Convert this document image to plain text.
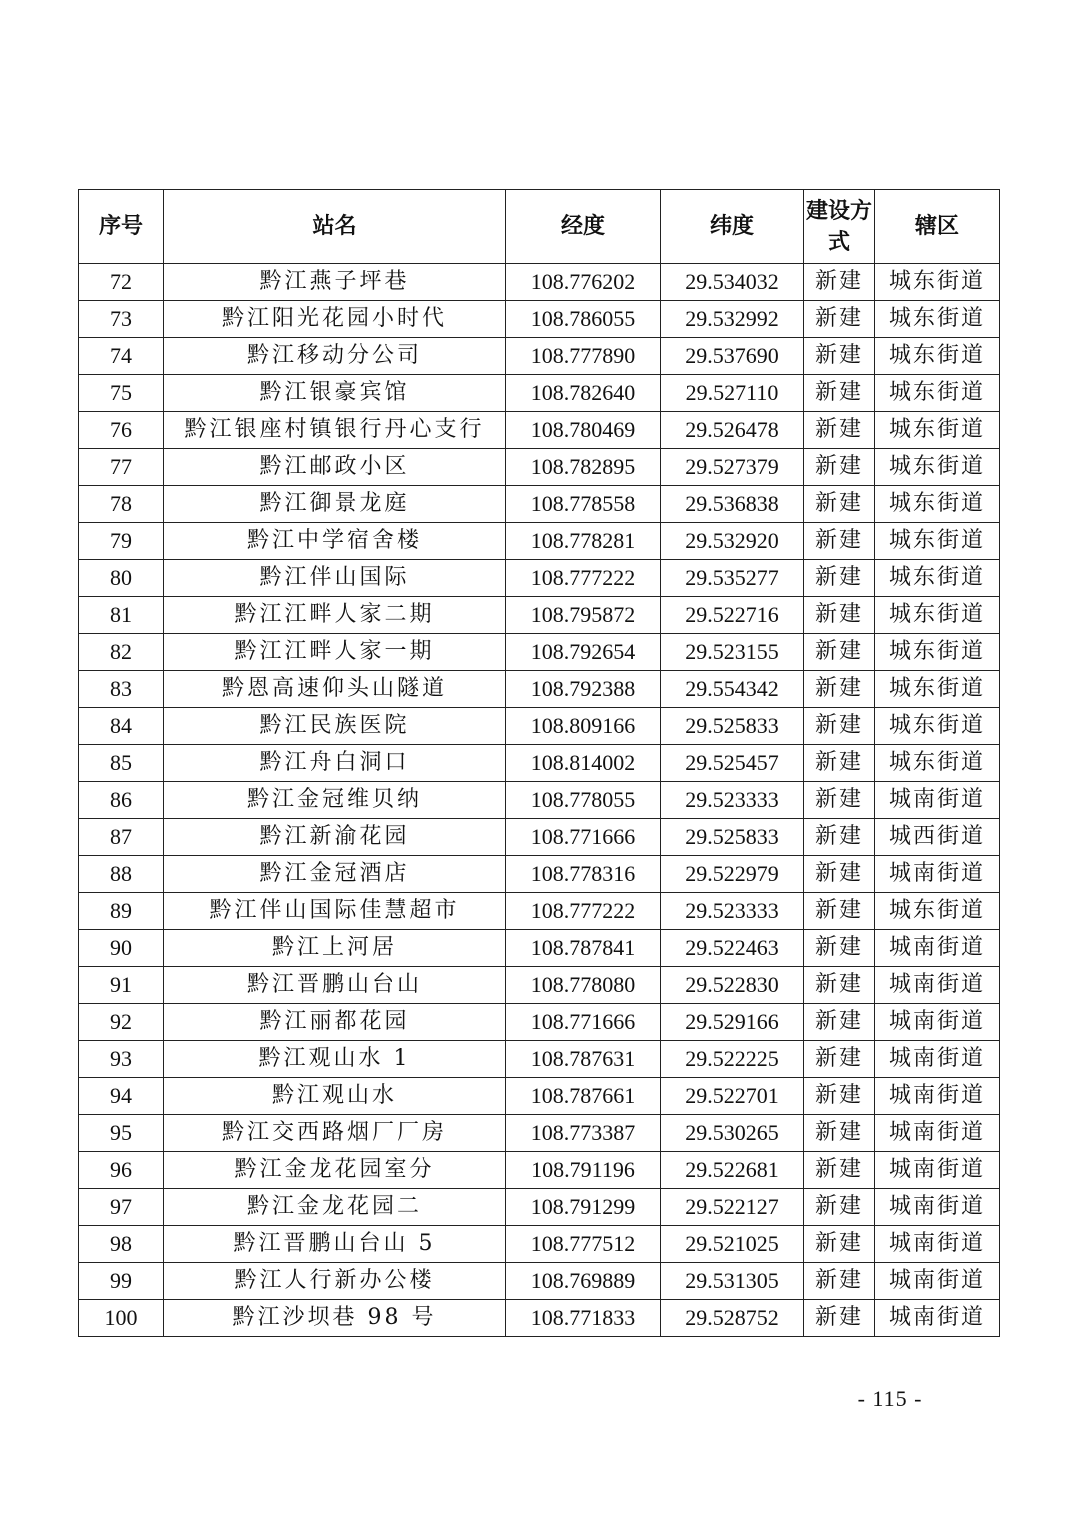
序号	站名	经度	纬度	建设方式	辖区
72	黔江燕子坪巷	108.776202	29.534032	新建	城东街道
73	黔江阳光花园小时代	108.786055	29.532992	新建	城东街道
74	黔江移动分公司	108.777890	29.537690	新建	城东街道
75	黔江银豪宾馆	108.782640	29.527110	新建	城东街道
76	黔江银座村镇银行丹心支行	108.780469	29.526478	新建	城东街道
77	黔江邮政小区	108.782895	29.527379	新建	城东街道
78	黔江御景龙庭	108.778558	29.536838	新建	城东街道
79	黔江中学宿舍楼	108.778281	29.532920	新建	城东街道
80	黔江伴山国际	108.777222	29.535277	新建	城东街道
81	黔江江畔人家二期	108.795872	29.522716	新建	城东街道
82	黔江江畔人家一期	108.792654	29.523155	新建	城东街道
83	黔恩高速仰头山隧道	108.792388	29.554342	新建	城东街道
84	黔江民族医院	108.809166	29.525833	新建	城东街道
85	黔江舟白洞口	108.814002	29.525457	新建	城东街道
86	黔江金冠维贝纳	108.778055	29.523333	新建	城南街道
87	黔江新渝花园	108.771666	29.525833	新建	城西街道
88	黔江金冠酒店	108.778316	29.522979	新建	城南街道
89	黔江伴山国际佳慧超市	108.777222	29.523333	新建	城东街道
90	黔江上河居	108.787841	29.522463	新建	城南街道
91	黔江晋鹏山台山	108.778080	29.522830	新建	城南街道
92	黔江丽都花园	108.771666	29.529166	新建	城南街道
93	黔江观山水 1	108.787631	29.522225	新建	城南街道
94	黔江观山水	108.787661	29.522701	新建	城南街道
95	黔江交西路烟厂厂房	108.773387	29.530265	新建	城南街道
96	黔江金龙花园室分	108.791196	29.522681	新建	城南街道
97	黔江金龙花园二	108.791299	29.522127	新建	城南街道
98	黔江晋鹏山台山 5	108.777512	29.521025	新建	城南街道
99	黔江人行新办公楼	108.769889	29.531305	新建	城南街道
100	黔江沙坝巷 98 号	108.771833	29.528752	新建	城南街道
- 115 -
